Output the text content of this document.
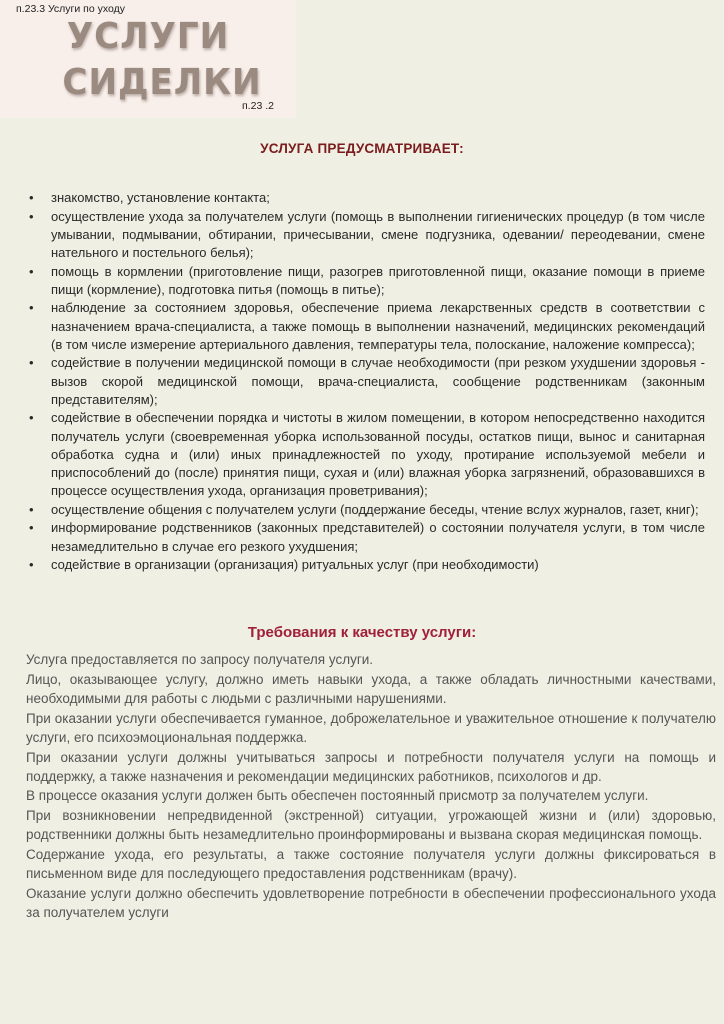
п.23.3 Услуги по уходу
УСЛУГИ
СИДЕЛКИ
п.23 .2
УСЛУГА ПРЕДУСМАТРИВАЕТ:
• знакомство, установление контакта;
• осуществление ухода за получателем услуги (помощь в выполнении гигиенических процедур (в том числе умывании, подмывании, обтирании, причесывании, смене подгузника, одевании/ переодевании, смене нательного и постельного белья);
• помощь в кормлении (приготовление пищи, разогрев приготовленной пищи, оказание помощи в приеме пищи (кормление), подготовка питья (помощь в питье);
• наблюдение за состоянием здоровья, обеспечение приема лекарственных средств в соответствии с назначением врача-специалиста, а также помощь в выполнении назначений, медицинских рекомендаций (в том числе измерение артериального давления, температуры тела, полоскание, наложение компресса);
• содействие в получении медицинской помощи в случае необходимости (при резком ухудшении здоровья - вызов скорой медицинской помощи, врача-специалиста, сообщение родственникам (законным представителям);
• содействие в обеспечении порядка и чистоты в жилом помещении, в котором непосредственно находится получатель услуги (своевременная уборка использованной посуды, остатков пищи, вынос и санитарная обработка судна и (или) иных принадлежностей по уходу, протирание используемой мебели и приспособлений до (после) принятия пищи, сухая и (или) влажная уборка загрязнений, образовавшихся в процессе осуществления ухода, организация проветривания);
• осуществление общения с получателем услуги (поддержание беседы, чтение вслух журналов, газет, книг);
• информирование родственников (законных представителей) о состоянии получателя услуги, в том числе незамедлительно в случае его резкого ухудшения;
• содействие в организации (организация) ритуальных услуг (при необходимости)
Требования к качеству услуги:

Услуга предоставляется по запросу получателя услуги.

Лицо, оказывающее услугу, должно иметь навыки ухода, а также обладать личностными качествами, необходимыми для работы с людьми с различными нарушениями.

При оказании услуги обеспечивается гуманное, доброжелательное и уважительное отношение к получателю услуги, его психоэмоциональная поддержка.

При оказании услуги должны учитываться запросы и потребности получателя услуги на помощь и поддержку, а также назначения и рекомендации медицинских работников, психологов и др.

В процессе оказания услуги должен быть обеспечен постоянный присмотр за получателем услуги.

При возникновении непредвиденной (экстренной) ситуации, угрожающей жизни и (или) здоровью, родственники должны быть незамедлительно проинформированы и вызвана скорая медицинская помощь.

Содержание ухода, его результаты, а также состояние получателя услуги должны фиксироваться в письменном виде для последующего предоставления родственникам (врачу).

Оказание услуги должно обеспечить удовлетворение потребности в обеспечении профессионального ухода за получателем услуги
